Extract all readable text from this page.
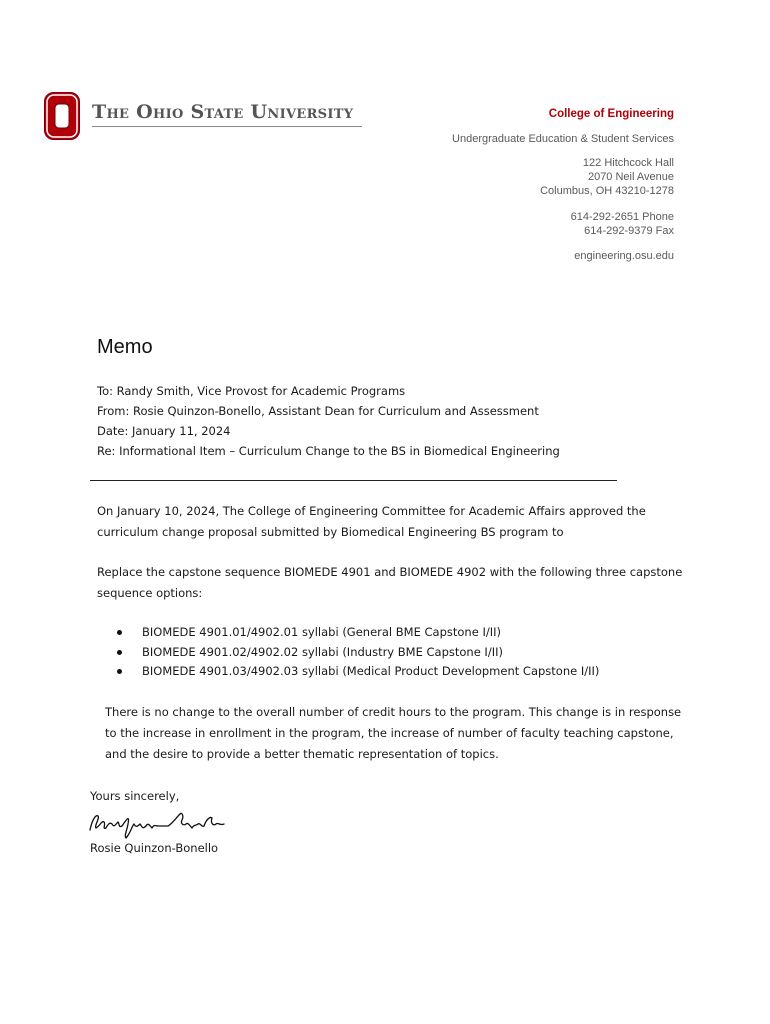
The Ohio State University	College of Engineering
Undergraduate Education & Student Services
122 Hitchcock Hall
2070 Neil Avenue
Columbus, OH 43210-1278
614-292-2651 Phone
614-292-9379 Fax
engineering.osu.edu
Memo
To: Randy Smith, Vice Provost for Academic Programs
From: Rosie Quinzon-Bonello, Assistant Dean for Curriculum and Assessment
Date: January 11, 2024
Re: Informational Item – Curriculum Change to the BS in Biomedical Engineering
On January 10, 2024, The College of Engineering Committee for Academic Affairs approved the curriculum change proposal submitted by Biomedical Engineering BS program to
Replace the capstone sequence BIOMEDE 4901 and BIOMEDE 4902 with the following three capstone sequence options:
BIOMEDE 4901.01/4902.01 syllabi (General BME Capstone I/II)
BIOMEDE 4901.02/4902.02 syllabi (Industry BME Capstone I/II)
BIOMEDE 4901.03/4902.03 syllabi (Medical Product Development Capstone I/II)
There is no change to the overall number of credit hours to the program. This change is in response to the increase in enrollment in the program, the increase of number of faculty teaching capstone, and the desire to provide a better thematic representation of topics.
Yours sincerely,
Rosie Quinzon-Bonello
